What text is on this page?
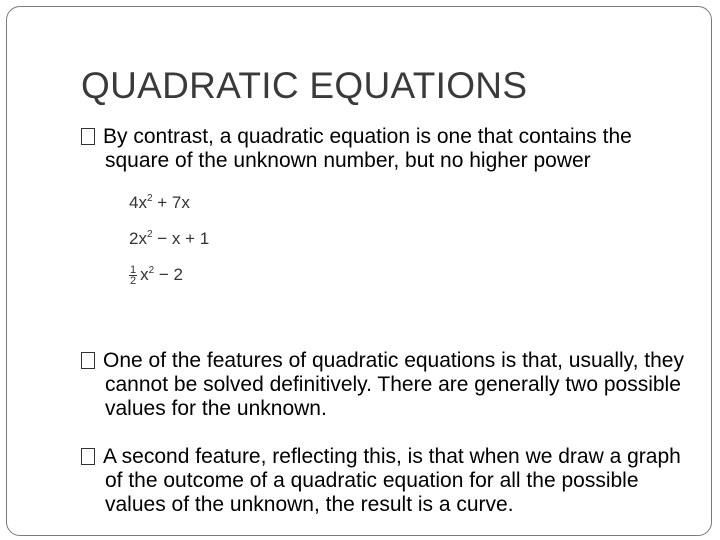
QUADRATIC EQUATIONS
By contrast, a quadratic equation is one that contains the square of the unknown number, but no higher power
$4x^2 + 7x$
$2x^2 - x + 1$
$\frac{1}{2} x^2 - 2$
One of the features of quadratic equations is that, usually, they cannot be solved definitively. There are generally two possible values for the unknown.
A second feature, reflecting this, is that when we draw a graph of the outcome of a quadratic equation for all the possible values of the unknown, the result is a curve.
